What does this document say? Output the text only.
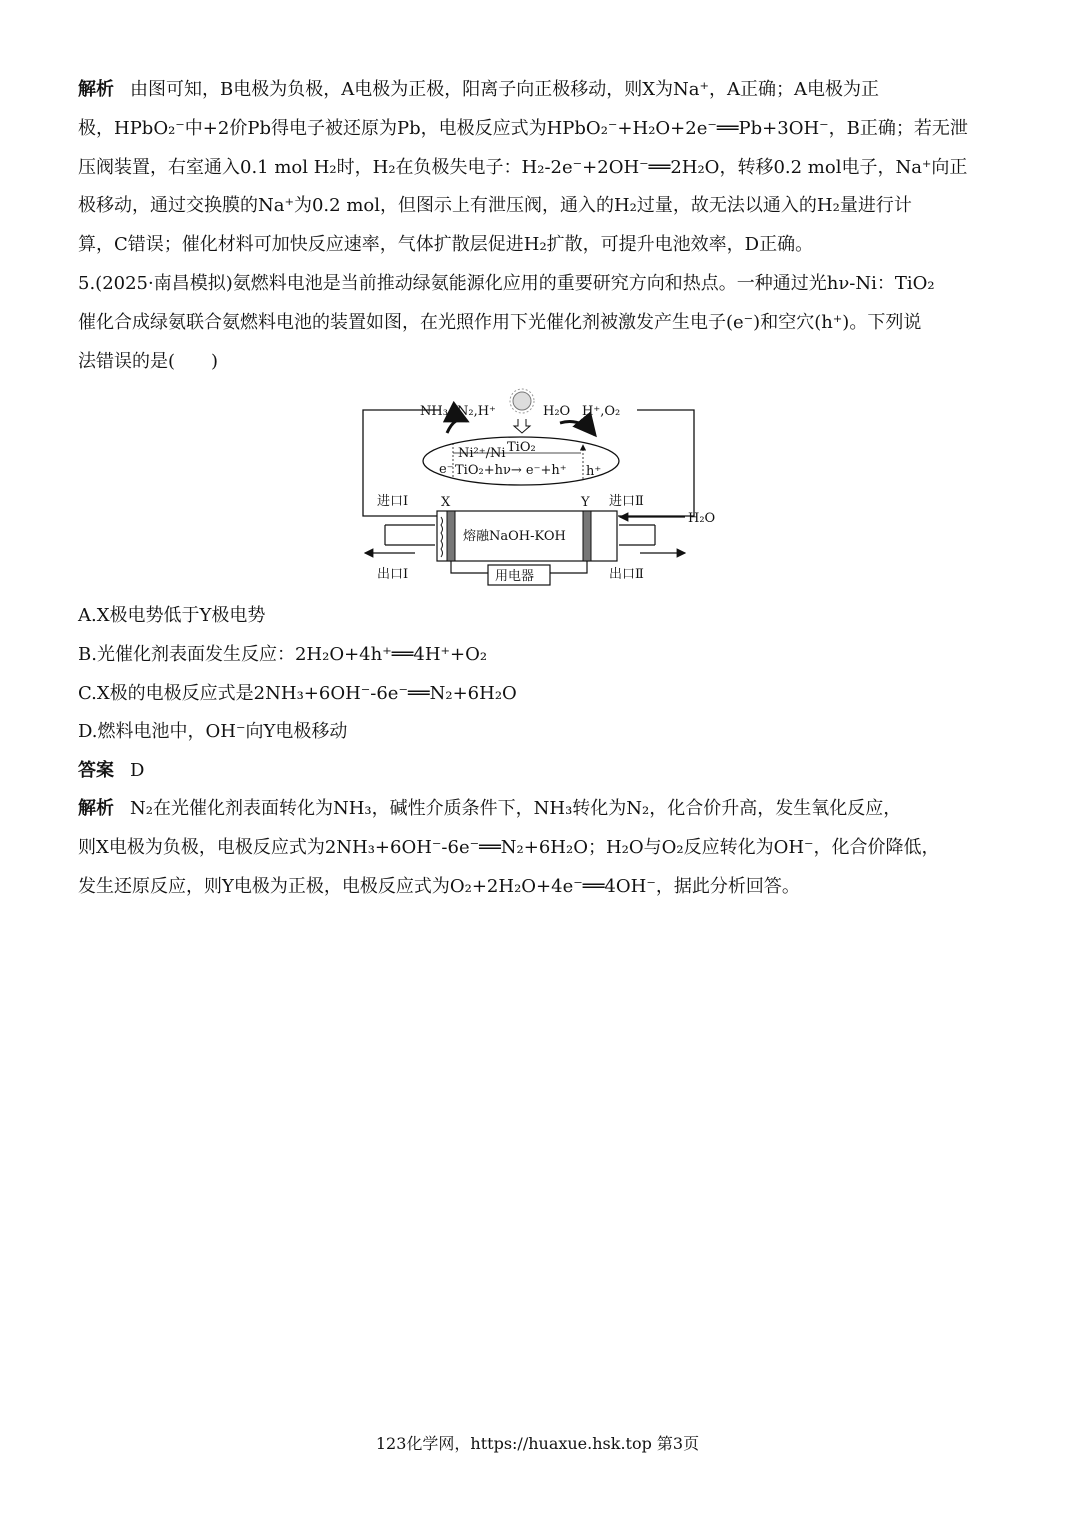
解析 由图可知，B电极为负极，A电极为正极，阳离子向正极移动，则X为Na⁺，A正确；A电极为正
极，HPbO₂⁻中+2价Pb得电子被还原为Pb，电极反应式为HPbO₂⁻+H₂O+2e⁻══Pb+3OH⁻，B正确；若无泄
压阀装置，右室通入0.1 mol H₂时，H₂在负极失电子：H₂-2e⁻+2OH⁻══2H₂O，转移0.2 mol电子，Na⁺向正
极移动，通过交换膜的Na⁺为0.2 mol，但图示上有泄压阀，通入的H₂过量，故无法以通入的H₂量进行计
算，C错误；催化材料可加快反应速率，气体扩散层促进H₂扩散，可提升电池效率，D正确。
5.(2025·南昌模拟)氨燃料电池是当前推动绿氨能源化应用的重要研究方向和热点。一种通过光hν-Ni：TiO₂
催化合成绿氨联合氨燃料电池的装置如图，在光照作用下光催化剂被激发产生电子(e⁻)和空穴(h⁺)。下列说
法错误的是(　　)
NH₃ N₂,H⁺	H₂O H⁺,O₂
Ni²⁺/Ni TiO₂
TiO₂+hν→ e⁻+h⁺
e⁻	h⁺
进口Ⅰ	X	Y 进口Ⅱ
H₂O
熔融NaOH-KOH
用电器
出口Ⅰ	出口Ⅱ
A.X极电势低于Y极电势
B.光催化剂表面发生反应：2H₂O+4h⁺══4H⁺+O₂
C.X极的电极反应式是2NH₃+6OH⁻-6e⁻══N₂+6H₂O
D.燃料电池中，OH⁻向Y电极移动
答案 D
解析 N₂在光催化剂表面转化为NH₃，碱性介质条件下，NH₃转化为N₂，化合价升高，发生氧化反应，
则X电极为负极，电极反应式为2NH₃+6OH⁻-6e⁻══N₂+6H₂O；H₂O与O₂反应转化为OH⁻，化合价降低，
发生还原反应，则Y电极为正极，电极反应式为O₂+2H₂O+4e⁻══4OH⁻，据此分析回答。
123化学网，https://huaxue.hsk.top 第3页
